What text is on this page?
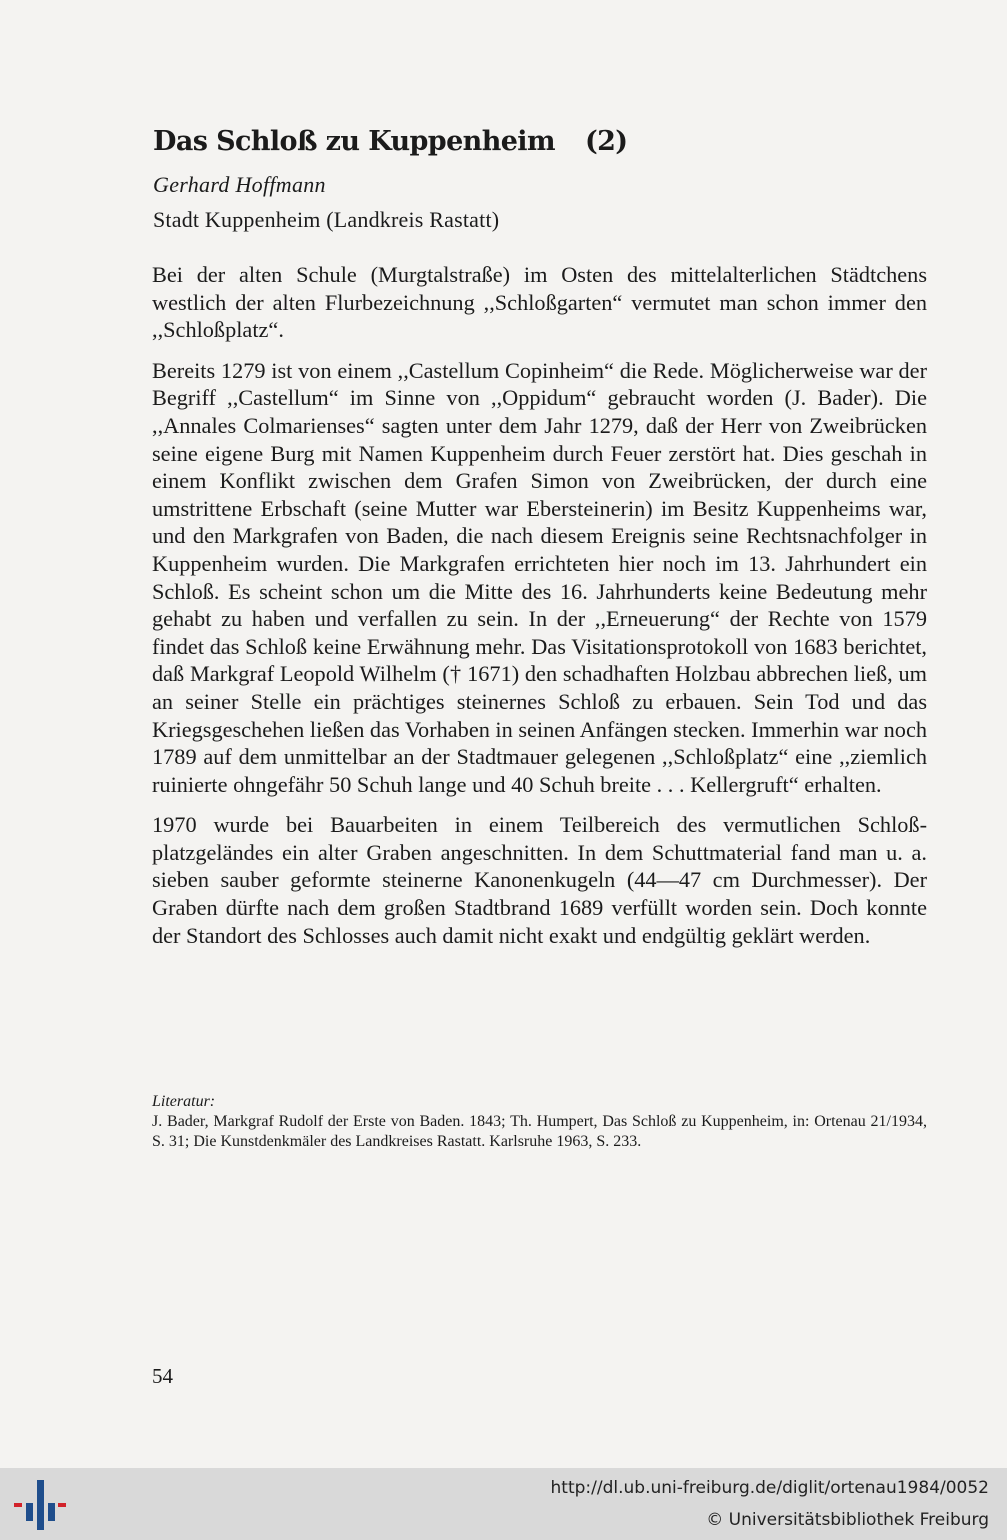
Das Schloß zu Kuppenheim (2)

Gerhard Hoffmann

Stadt Kuppenheim (Landkreis Rastatt)

Bei der alten Schule (Murgtalstraße) im Osten des mittelalterlichen Städtchens westlich der alten Flurbezeichnung ,,Schloßgarten“ vermutet man schon immer den ,,Schloßplatz“.

Bereits 1279 ist von einem ,,Castellum Copinheim“ die Rede. Möglicherweise war der Begriff ,,Castellum“ im Sinne von ,,Oppidum“ gebraucht worden (J. Bader). Die ,,Annales Colmarienses“ sagten unter dem Jahr 1279, daß der Herr von Zweibrücken seine eigene Burg mit Namen Kuppenheim durch Feuer zerstört hat. Dies geschah in einem Konflikt zwischen dem Grafen Simon von Zweibrücken, der durch eine umstrittene Erbschaft (seine Mutter war Ebersteinerin) im Besitz Kuppenheims war, und den Markgrafen von Baden, die nach diesem Ereignis seine Rechtsnachfolger in Kuppenheim wurden. Die Markgrafen errichteten hier noch im 13. Jahrhundert ein Schloß. Es scheint schon um die Mitte des 16. Jahrhunderts keine Bedeutung mehr gehabt zu haben und verfallen zu sein. In der ,,Erneuerung“ der Rechte von 1579 findet das Schloß keine Erwähnung mehr. Das Visitationsprotokoll von 1683 berichtet, daß Markgraf Leopold Wilhelm († 1671) den schadhaften Holzbau abbrechen ließ, um an seiner Stelle ein prächtiges steinernes Schloß zu erbauen. Sein Tod und das Kriegsgeschehen ließen das Vorhaben in seinen Anfängen stecken. Immerhin war noch 1789 auf dem unmittelbar an der Stadtmauer gelegenen ,,Schloßplatz“ eine ,,ziemlich ruinierte ohngefähr 50 Schuh lange und 40 Schuh breite . . . Kellergruft“ erhalten.

1970 wurde bei Bauarbeiten in einem Teilbereich des vermutlichen Schloßplatzgeländes ein alter Graben angeschnitten. In dem Schuttmaterial fand man u. a. sieben sauber geformte steinerne Kanonenkugeln (44—47 cm Durchmesser). Der Graben dürfte nach dem großen Stadtbrand 1689 verfüllt worden sein. Doch konnte der Standort des Schlosses auch damit nicht exakt und endgültig geklärt werden.

Literatur:
J. Bader, Markgraf Rudolf der Erste von Baden. 1843; Th. Humpert, Das Schloß zu Kuppenheim, in: Ortenau 21/1934, S. 31; Die Kunstdenkmäler des Landkreises Rastatt. Karlsruhe 1963, S. 233.
54
http://dl.ub.uni-freiburg.de/diglit/ortenau1984/0052
© Universitätsbibliothek Freiburg
